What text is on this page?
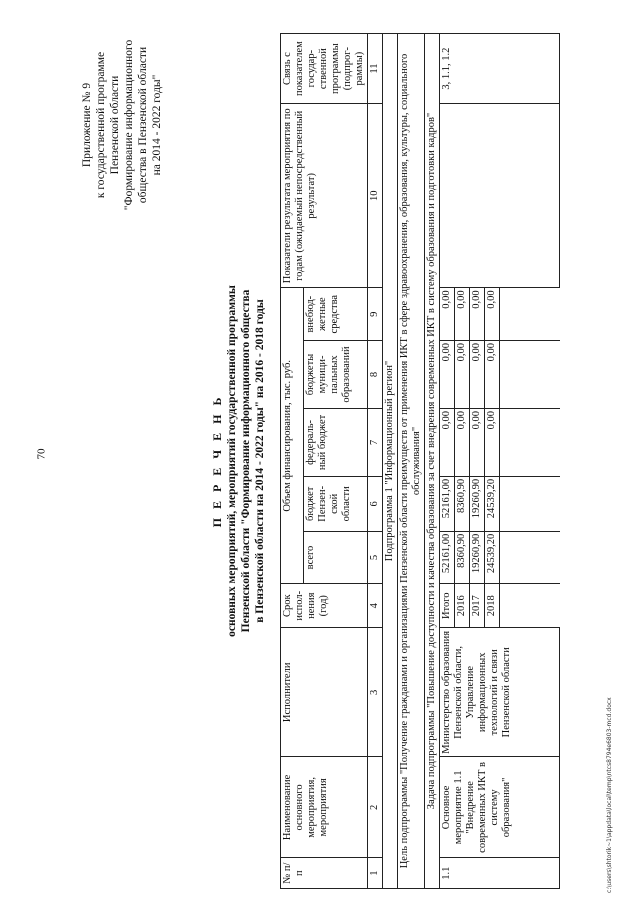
70
Приложение № 9 к государственной программе Пензенской области "Формирование информационного общества в Пензенской области на 2014 - 2022 годы"
c:\users\shtorik~1\appdata\local\temp\ntcs8794e6803-mcd.docx
П Е Р Е Ч Е Н Ь основных мероприятий, мероприятий государственной программы Пензенской области "Формирование информационного общества в Пензенской области на 2014 - 2022 годы" на 2016 - 2018 годы
№ п/п	Наименование основного мероприятия, мероприятия	Исполнители	Срок испол-нения (год)	Объем финансирования, тыс. руб.					Показатели результата мероприятия по годам (ожидаемый непосредственный результат)	Связь с показателем государ-ственной программы (подпрог-раммы)
				всего	бюджет Пензен-ской области	федераль-ный бюджет	бюджеты муници-пальных образований	внебюд-жетные средства		
1	2	3	4	5	6	7	8	9	10	11
Подпрограмма 1 "Информационный регион"										
Цель подпрограммы "Получение гражданами и организациями Пензенской области преимуществ от применения ИКТ в сфере здравоохранения, образования, культуры, социального обслуживания"										
Задача подпрограммы "Повышение доступности и качества образования за счет внедрения современных ИКТ в систему образования и подготовки кадров"										
1.1	Основное мероприятие 1.1 "Внедрение современных ИКТ в систему образования"	Министерство образования Пензенской области, Управление информационных технологий и связи Пензенской области	Итого	52161,00	52161,00	0,00	0,00	0,00		3, 1.1, 1.2
			2016	8360,90	8360,90	0,00	0,00	0,00		
			2017	19260,90	19260,90	0,00	0,00	0,00		
			2018	24539,20	24539,20	0,00	0,00	0,00		
